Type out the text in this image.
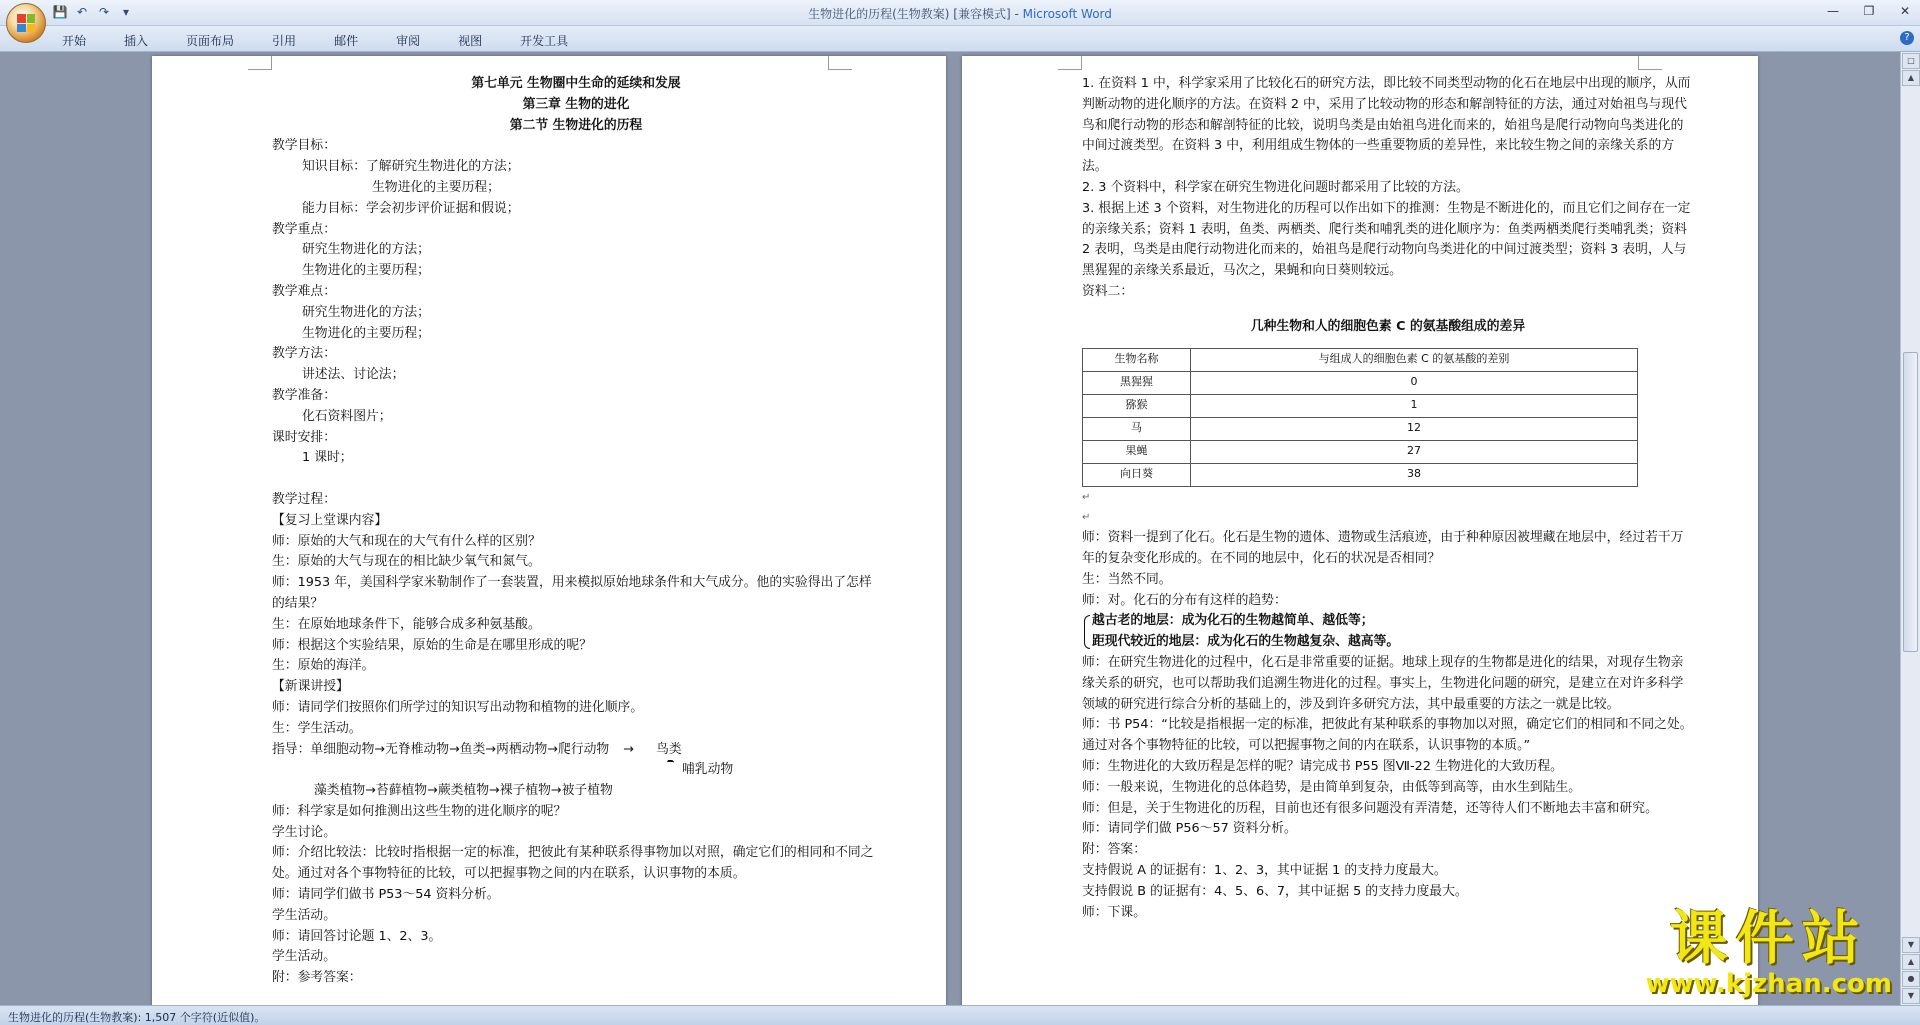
💾 ↶ ↷	▾	生物进化的历程(生物教案) [兼容模式] - Microsoft Word	—	❐	✕
开始	插入	页面布局	引用	邮件	审阅	视图	开发工具	?
第七单元 生物圈中生命的延续和发展
第三章 生物的进化
第二节 生物进化的历程
教学目标：
知识目标：了解研究生物进化的方法；
生物进化的主要历程；
能力目标：学会初步评价证据和假说；
教学重点：
研究生物进化的方法；
生物进化的主要历程；
教学难点：
研究生物进化的方法；
生物进化的主要历程；
教学方法：
讲述法、讨论法；
教学准备：
化石资料图片；
课时安排：
1 课时；
教学过程：
【复习上堂课内容】
师：原始的大气和现在的大气有什么样的区别？
生：原始的大气与现在的相比缺少氧气和氮气。
师：1953 年，美国科学家米勒制作了一套装置，用来模拟原始地球条件和大气成分。他的实验得出了怎样的结果？
生：在原始地球条件下，能够合成多种氨基酸。
师：根据这个实验结果，原始的生命是在哪里形成的呢？
生：原始的海洋。
【新课讲授】
师：请同学们按照你们所学过的知识写出动物和植物的进化顺序。
生：学生活动。
指导：单细胞动物→无脊椎动物→鱼类→两栖动物→爬行动物 → 鸟类
哺乳动物
藻类植物→苔藓植物→蕨类植物→裸子植物→被子植物
师：科学家是如何推测出这些生物的进化顺序的呢？
学生讨论。
师：介绍比较法：比较时指根据一定的标准，把彼此有某种联系得事物加以对照，确定它们的相同和不同之处。通过对各个事物特征的比较，可以把握事物之间的内在联系，认识事物的本质。
师：请同学们做书 P53～54 资料分析。
学生活动。
师：请回答讨论题 1、2、3。
学生活动。
附：参考答案：
1. 在资料 1 中，科学家采用了比较化石的研究方法，即比较不同类型动物的化石在地层中出现的顺序，从而判断动物的进化顺序的方法。在资料 2 中，采用了比较动物的形态和解剖特征的方法，通过对始祖鸟与现代鸟和爬行动物的形态和解剖特征的比较，说明鸟类是由始祖鸟进化而来的，始祖鸟是爬行动物向鸟类进化的中间过渡类型。在资料 3 中，利用组成生物体的一些重要物质的差异性，来比较生物之间的亲缘关系的方法。
2. 3 个资料中，科学家在研究生物进化问题时都采用了比较的方法。
3. 根据上述 3 个资料，对生物进化的历程可以作出如下的推测：生物是不断进化的，而且它们之间存在一定的亲缘关系；资料 1 表明，鱼类、两栖类、爬行类和哺乳类的进化顺序为：鱼类两栖类爬行类哺乳类；资料 2 表明，鸟类是由爬行动物进化而来的，始祖鸟是爬行动物向鸟类进化的中间过渡类型；资料 3 表明，人与黑猩猩的亲缘关系最近，马次之，果蝇和向日葵则较远。
资料二：
几种生物和人的细胞色素 C 的氨基酸组成的差异
生物名称	与组成人的细胞色素 C 的氨基酸的差别
黑猩猩	0
猕猴	1
马	12
果蝇	27
向日葵	38
↵
↵
师：资料一提到了化石。化石是生物的遗体、遗物或生活痕迹，由于种种原因被埋藏在地层中，经过若干万年的复杂变化形成的。在不同的地层中，化石的状况是否相同？
生：当然不同。
师：对。化石的分布有这样的趋势：
越古老的地层：成为化石的生物越简单、越低等；
距现代较近的地层：成为化石的生物越复杂、越高等。
师：在研究生物进化的过程中，化石是非常重要的证据。地球上现存的生物都是进化的结果，对现存生物亲缘关系的研究，也可以帮助我们追溯生物进化的过程。事实上，生物进化问题的研究，是建立在对许多科学领域的研究进行综合分析的基础上的，涉及到许多研究方法，其中最重要的方法之一就是比较。
师：书 P54：“比较是指根据一定的标准，把彼此有某种联系的事物加以对照，确定它们的相同和不同之处。通过对各个事物特征的比较，可以把握事物之间的内在联系，认识事物的本质。”
师：生物进化的大致历程是怎样的呢？请完成书 P55 图Ⅶ-22 生物进化的大致历程。
师：一般来说，生物进化的总体趋势，是由简单到复杂，由低等到高等，由水生到陆生。
师：但是，关于生物进化的历程，目前也还有很多问题没有弄清楚，还等待人们不断地去丰富和研究。
师：请同学们做 P56～57 资料分析。
附：答案：
支持假说 A 的证据有：1、2、3，其中证据 1 的支持力度最大。
支持假说 B 的证据有：4、5、6、7，其中证据 5 的支持力度最大。
师：下课。
□
▲
▼
▲
●
▼
生物进化的历程(生物教案): 1,507 个字符(近似值)。
课件站
www.kjzhan.com
